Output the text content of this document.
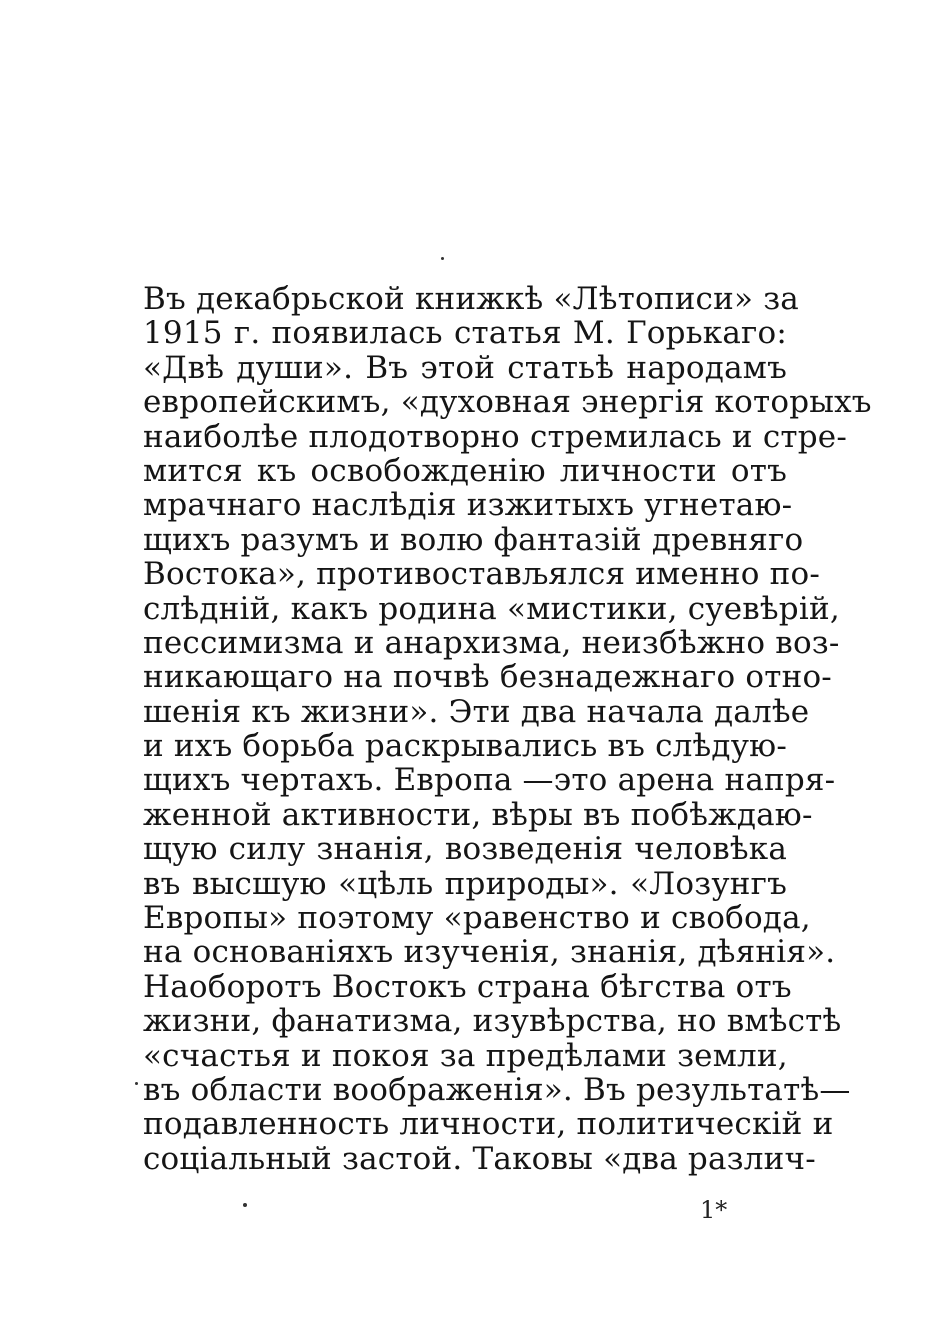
Въ декабрьской книжкѣ «Лѣтописи» за
1915 г. появилась статья М. Горькаго:
«Двѣ души». Въ этой статьѣ народамъ
европейскимъ, «духовная энергія которыхъ
наиболѣе плодотворно стремилась и стре-
мится къ освобожденію личности отъ
мрачнаго наслѣдія изжитыхъ угнетаю-
щихъ разумъ и волю фантазій древняго
Востока», противостављялся именно по-
слѣдній, какъ родина «мистики, суевѣрій,
пессимизма и анархизма, неизбѣжно воз-
никающаго на почвѣ безнадежнаго отно-
шенія къ жизни». Эти два начала далѣе
и ихъ борьба раскрывались въ слѣдую-
щихъ чертахъ. Европа —это арена напря-
женной активности, вѣры въ побѣждаю-
щую силу знанія, возведенія человѣка
въ высшую «цѣль природы». «Лозунгъ
Европы» поэтому «равенство и свобода,
на основаніяхъ изученія, знанія, дѣянія».
Наоборотъ Востокъ страна бѣгства отъ
жизни, фанатизма, изувѣрства, но вмѣстѣ
«счастья и покоя за предѣлами земли,
въ области воображенія». Въ результатѣ—
подавленность личности, политическій и
соціальный застой. Таковы «два различ-
1*
